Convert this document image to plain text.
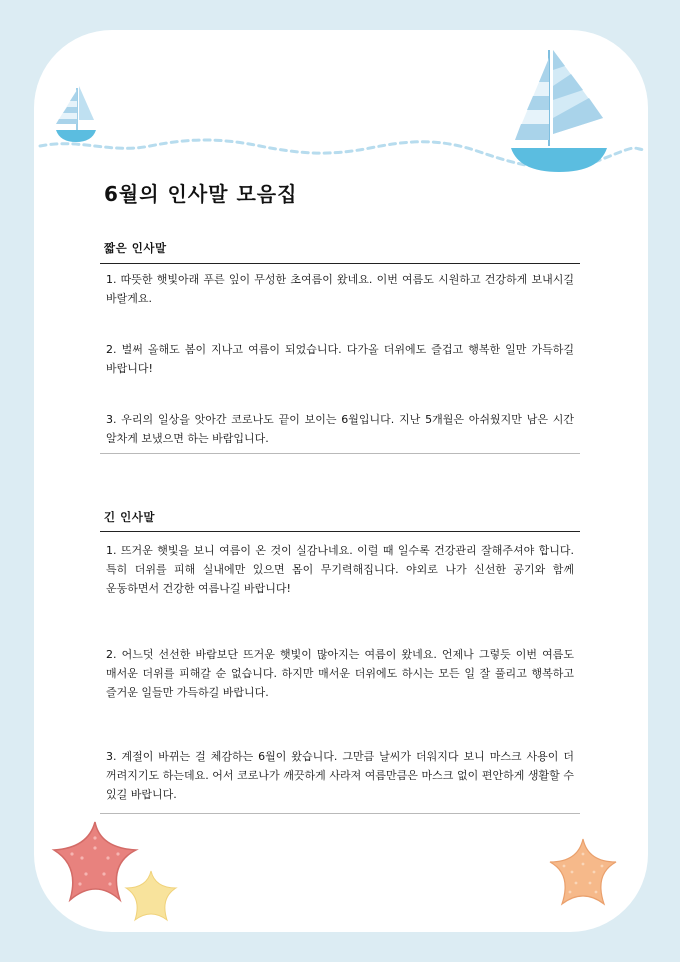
6월의 인사말 모음집
짧은 인사말

1. 따뜻한 햇빛아래 푸른 잎이 무성한 초여름이 왔네요. 이번 여름도 시원하고 건강하게 보내시길 바랄게요.

2. 벌써 올해도 봄이 지나고 여름이 되었습니다. 다가올 더위에도 즐겁고 행복한 일만 가득하길 바랍니다!

3. 우리의 일상을 앗아간 코로나도 끝이 보이는 6월입니다. 지난 5개월은 아쉬웠지만 남은 시간 알차게 보냈으면 하는 바람입니다.

긴 인사말

1. 뜨거운 햇빛을 보니 여름이 온 것이 실감나네요. 이럴 때 일수록 건강관리 잘해주셔야 합니다. 특히 더위를 피해 실내에만 있으면 몸이 무기력해집니다. 야외로 나가 신선한 공기와 함께 운동하면서 건강한 여름나길 바랍니다!

2. 어느덧 선선한 바람보단 뜨거운 햇빛이 많아지는 여름이 왔네요. 언제나 그렇듯 이번 여름도 매서운 더위를 피해갈 순 없습니다. 하지만 매서운 더위에도 하시는 모든 일 잘 풀리고 행복하고 즐거운 일들만 가득하길 바랍니다.

3. 계절이 바뀌는 걸 체감하는 6월이 왔습니다. 그만큼 날씨가 더워지다 보니 마스크 사용이 더 꺼려지기도 하는데요. 어서 코로나가 깨끗하게 사라져 여름만큼은 마스크 없이 편안하게 생활할 수 있길 바랍니다.
